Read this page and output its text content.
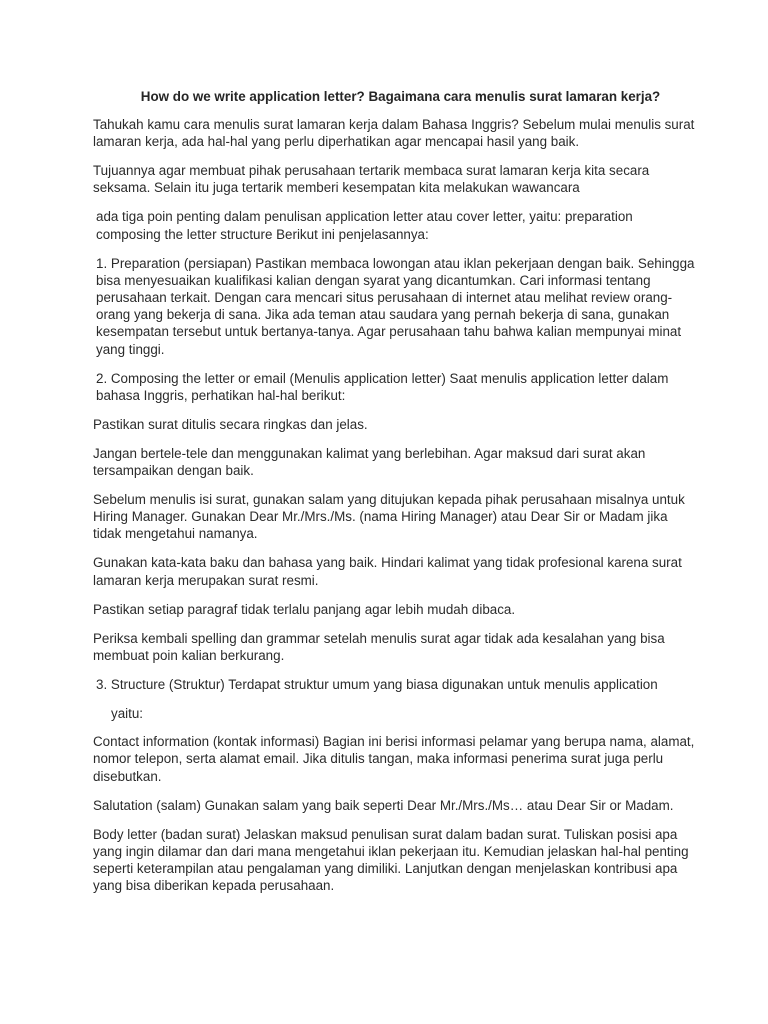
How do we write application letter? Bagaimana cara menulis surat lamaran kerja?
Tahukah kamu cara menulis surat lamaran kerja dalam Bahasa Inggris? Sebelum mulai menulis surat lamaran kerja, ada hal-hal yang perlu diperhatikan agar mencapai hasil yang baik.
Tujuannya agar membuat pihak perusahaan tertarik membaca surat lamaran kerja kita secara seksama. Selain itu juga tertarik memberi kesempatan kita melakukan wawancara
ada tiga poin penting dalam penulisan application letter atau cover letter, yaitu: preparation composing the letter structure Berikut ini penjelasannya:
1. Preparation (persiapan) Pastikan membaca lowongan atau iklan pekerjaan dengan baik. Sehingga bisa menyesuaikan kualifikasi kalian dengan syarat yang dicantumkan. Cari informasi tentang perusahaan terkait. Dengan cara mencari situs perusahaan di internet atau melihat review orang-orang yang bekerja di sana. Jika ada teman atau saudara yang pernah bekerja di sana, gunakan kesempatan tersebut untuk bertanya-tanya. Agar perusahaan tahu bahwa kalian mempunyai minat yang tinggi.
2. Composing the letter or email (Menulis application letter) Saat menulis application letter dalam bahasa Inggris, perhatikan hal-hal berikut:
Pastikan surat ditulis secara ringkas dan jelas.
Jangan bertele-tele dan menggunakan kalimat yang berlebihan. Agar maksud dari surat akan tersampaikan dengan baik.
Sebelum menulis isi surat, gunakan salam yang ditujukan kepada pihak perusahaan misalnya untuk Hiring Manager. Gunakan Dear Mr./Mrs./Ms. (nama Hiring Manager) atau Dear Sir or Madam jika tidak mengetahui namanya.
Gunakan kata-kata baku dan bahasa yang baik. Hindari kalimat yang tidak profesional karena surat lamaran kerja merupakan surat resmi.
Pastikan setiap paragraf tidak terlalu panjang agar lebih mudah dibaca.
Periksa kembali spelling dan grammar setelah menulis surat agar tidak ada kesalahan yang bisa membuat poin kalian berkurang.
3. Structure (Struktur) Terdapat struktur umum yang biasa digunakan untuk menulis application
yaitu:
Contact information (kontak informasi) Bagian ini berisi informasi pelamar yang berupa nama, alamat, nomor telepon, serta alamat email. Jika ditulis tangan, maka informasi penerima surat juga perlu disebutkan.
Salutation (salam) Gunakan salam yang baik seperti Dear Mr./Mrs./Ms… atau Dear Sir or Madam.
Body letter (badan surat) Jelaskan maksud penulisan surat dalam badan surat. Tuliskan posisi apa yang ingin dilamar dan dari mana mengetahui iklan pekerjaan itu. Kemudian jelaskan hal-hal penting seperti keterampilan atau pengalaman yang dimiliki. Lanjutkan dengan menjelaskan kontribusi apa yang bisa diberikan kepada perusahaan.
